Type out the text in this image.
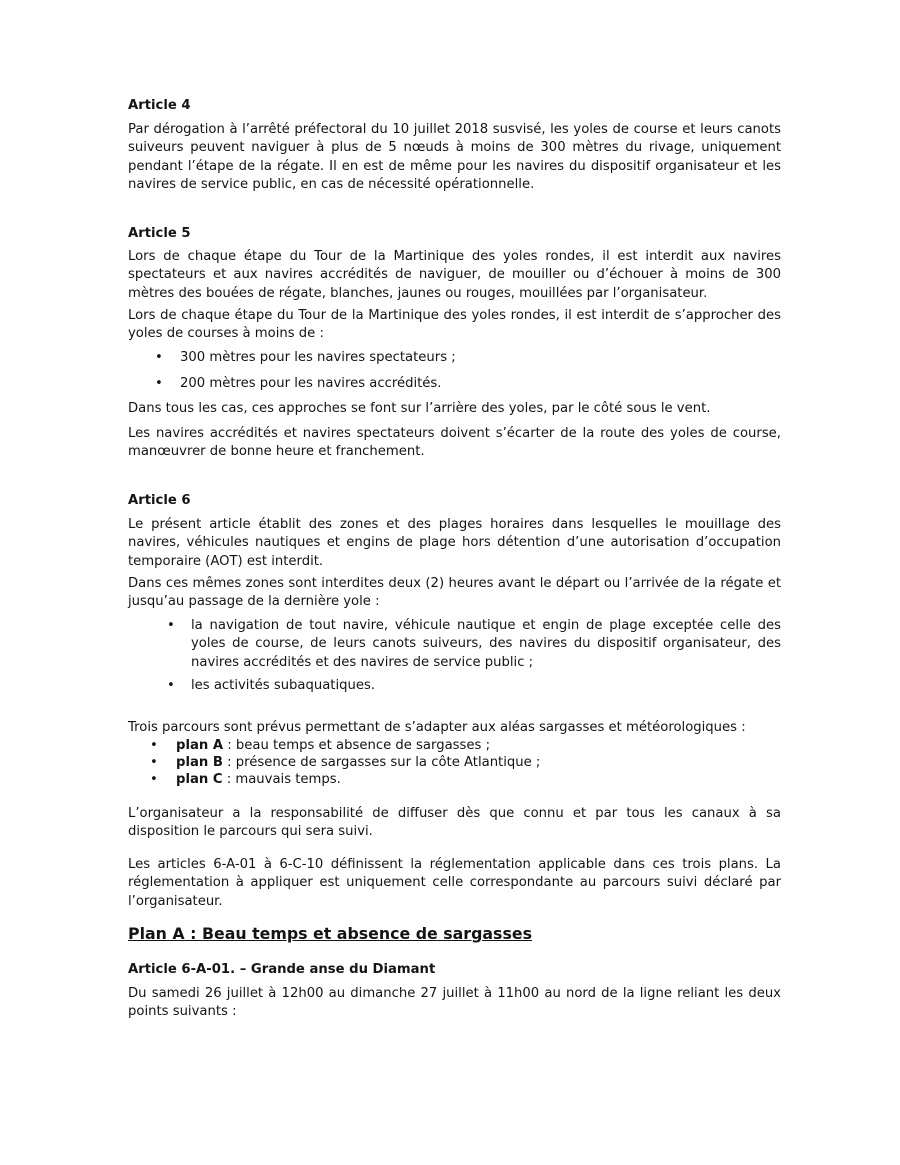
Article 4

Par dérogation à l’arrêté préfectoral du 10 juillet 2018 susvisé, les yoles de course et leurs canots suiveurs peuvent naviguer à plus de 5 nœuds à moins de 300 mètres du rivage, uniquement pendant l’étape de la régate. Il en est de même pour les navires du dispositif organisateur et les navires de service public, en cas de nécessité opérationnelle.

Article 5

Lors de chaque étape du Tour de la Martinique des yoles rondes, il est interdit aux navires spectateurs et aux navires accrédités de naviguer, de mouiller ou d’échouer à moins de 300 mètres des bouées de régate, blanches, jaunes ou rouges, mouillées par l’organisateur.

Lors de chaque étape du Tour de la Martinique des yoles rondes, il est interdit de s’approcher des yoles de courses à moins de :

• 300 mètres pour les navires spectateurs ;
• 200 mètres pour les navires accrédités.

Dans tous les cas, ces approches se font sur l’arrière des yoles, par le côté sous le vent.

Les navires accrédités et navires spectateurs doivent s’écarter de la route des yoles de course, manœuvrer de bonne heure et franchement.

Article 6

Le présent article établit des zones et des plages horaires dans lesquelles le mouillage des navires, véhicules nautiques et engins de plage hors détention d’une autorisation d’occupation temporaire (AOT) est interdit.

Dans ces mêmes zones sont interdites deux (2) heures avant le départ ou l’arrivée de la régate et jusqu’au passage de la dernière yole :

• la navigation de tout navire, véhicule nautique et engin de plage exceptée celle des yoles de course, de leurs canots suiveurs, des navires du dispositif organisateur, des navires accrédités et des navires de service public ;
• les activités subaquatiques.

Trois parcours sont prévus permettant de s’adapter aux aléas sargasses et météorologiques :

• plan A : beau temps et absence de sargasses ;
• plan B : présence de sargasses sur la côte Atlantique ;
• plan C : mauvais temps.

L’organisateur a la responsabilité de diffuser dès que connu et par tous les canaux à sa disposition le parcours qui sera suivi.

Les articles 6-A-01 à 6-C-10 définissent la réglementation applicable dans ces trois plans. La réglementation à appliquer est uniquement celle correspondante au parcours suivi déclaré par l’organisateur.

Plan A : Beau temps et absence de sargasses
Article 6-A-01. – Grande anse du Diamant

Du samedi 26 juillet à 12h00 au dimanche 27 juillet à 11h00 au nord de la ligne reliant les deux points suivants :
